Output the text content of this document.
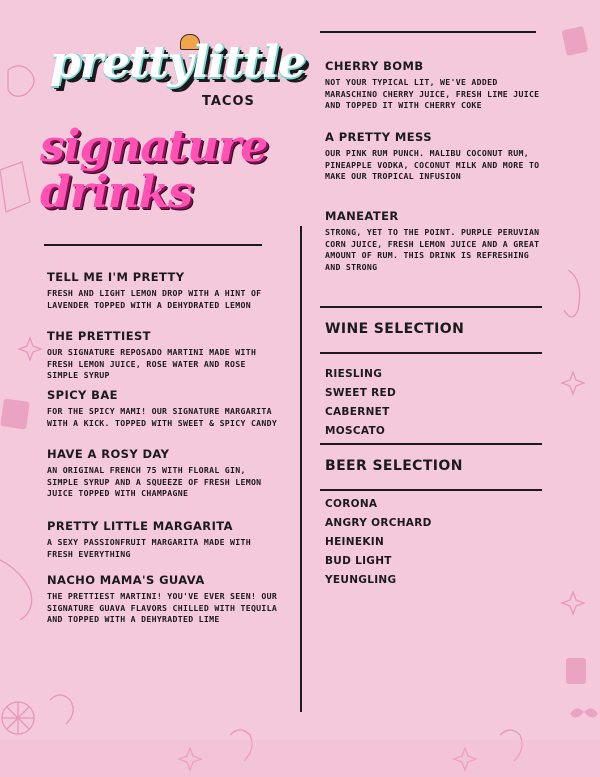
prettylittle
TACOS
signature
drinks
TELL ME I'M PRETTY
FRESH AND LIGHT LEMON DROP WITH A HINT OF LAVENDER TOPPED WITH A DEHYDRATED LEMON
THE PRETTIEST
OUR SIGNATURE REPOSADO MARTINI MADE WITH FRESH LEMON JUICE, ROSE WATER AND ROSE SIMPLE SYRUP
SPICY BAE
FOR THE SPICY MAMI! OUR SIGNATURE MARGARITA WITH A KICK. TOPPED WITH SWEET & SPICY CANDY
HAVE A ROSY DAY
AN ORIGINAL FRENCH 75 WITH FLORAL GIN, SIMPLE SYRUP AND A SQUEEZE OF FRESH LEMON JUICE TOPPED WITH CHAMPAGNE
PRETTY LITTLE MARGARITA
A SEXY PASSIONFRUIT MARGARITA MADE WITH FRESH EVERYTHING
NACHO MAMA'S GUAVA
THE PRETTIEST MARTINI! YOU'VE EVER SEEN! OUR SIGNATURE GUAVA FLAVORS CHILLED WITH TEQUILA AND TOPPED WITH A DEHYRADTED LIME
CHERRY BOMB
NOT YOUR TYPICAL LIT, WE'VE ADDED MARASCHINO CHERRY JUICE, FRESH LIME JUICE AND TOPPED IT WITH CHERRY COKE
A PRETTY MESS
OUR PINK RUM PUNCH. MALIBU COCONUT RUM, PINEAPPLE VODKA, COCONUT MILK AND MORE TO MAKE OUR TROPICAL INFUSION
MANEATER
STRONG, YET TO THE POINT. PURPLE PERUVIAN CORN JUICE, FRESH LEMON JUICE AND A GREAT AMOUNT OF RUM. THIS DRINK IS REFRESHING AND STRONG
WINE SELECTION
RIESLING
SWEET RED
CABERNET
MOSCATO
BEER SELECTION
CORONA
ANGRY ORCHARD
HEINEKIN
BUD LIGHT
YEUNGLING
